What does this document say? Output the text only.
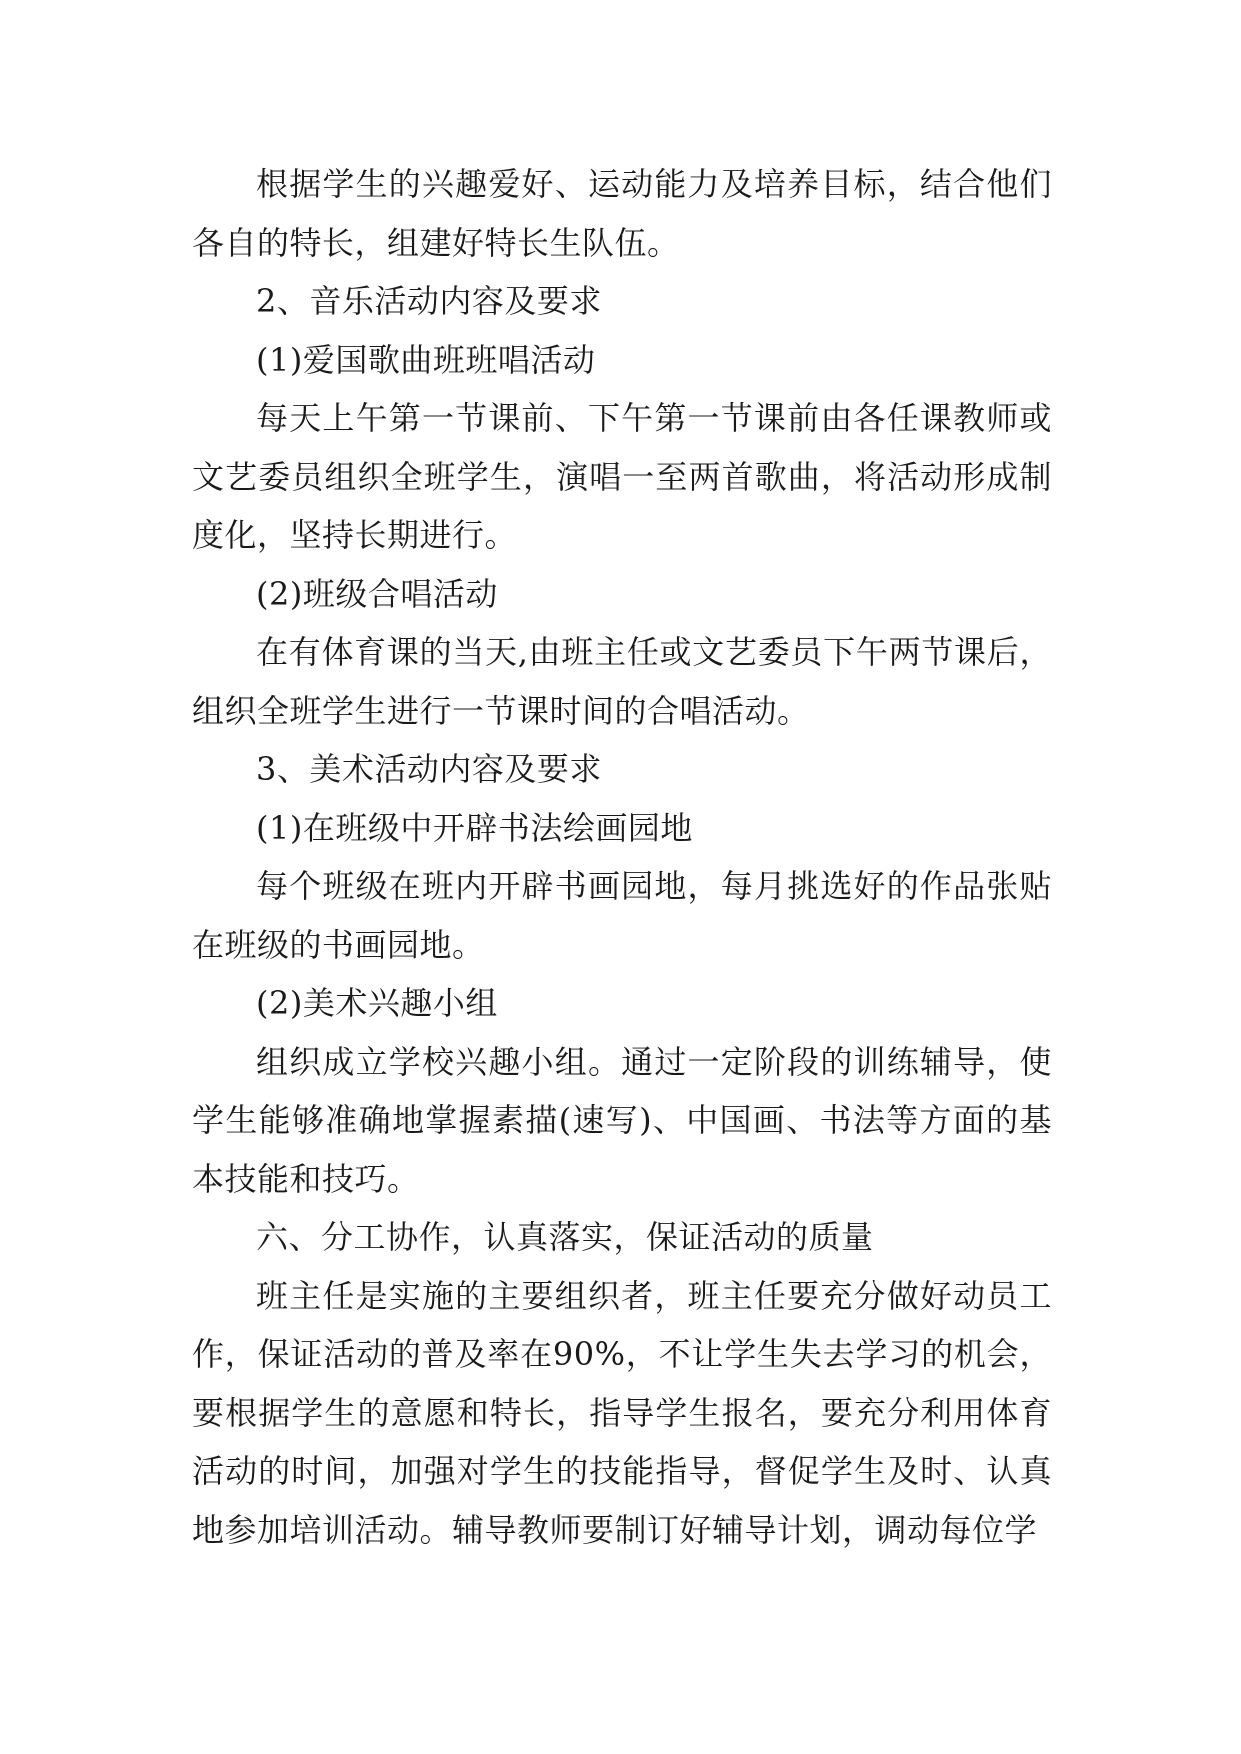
根据学生的兴趣爱好、运动能力及培养目标，结合他们各自的特长，组建好特长生队伍。

2、音乐活动内容及要求

(1)爱国歌曲班班唱活动

每天上午第一节课前、下午第一节课前由各任课教师或文艺委员组织全班学生，演唱一至两首歌曲，将活动形成制度化，坚持长期进行。

(2)班级合唱活动

在有体育课的当天,由班主任或文艺委员下午两节课后，组织全班学生进行一节课时间的合唱活动。

3、美术活动内容及要求

(1)在班级中开辟书法绘画园地

每个班级在班内开辟书画园地，每月挑选好的作品张贴在班级的书画园地。

(2)美术兴趣小组

组织成立学校兴趣小组。通过一定阶段的训练辅导，使学生能够准确地掌握素描(速写)、中国画、书法等方面的基本技能和技巧。

六、分工协作，认真落实，保证活动的质量

班主任是实施的主要组织者，班主任要充分做好动员工作，保证活动的普及率在90%，不让学生失去学习的机会，要根据学生的意愿和特长，指导学生报名，要充分利用体育活动的时间，加强对学生的技能指导，督促学生及时、认真地参加培训活动。辅导教师要制订好辅导计划，调动每位学
